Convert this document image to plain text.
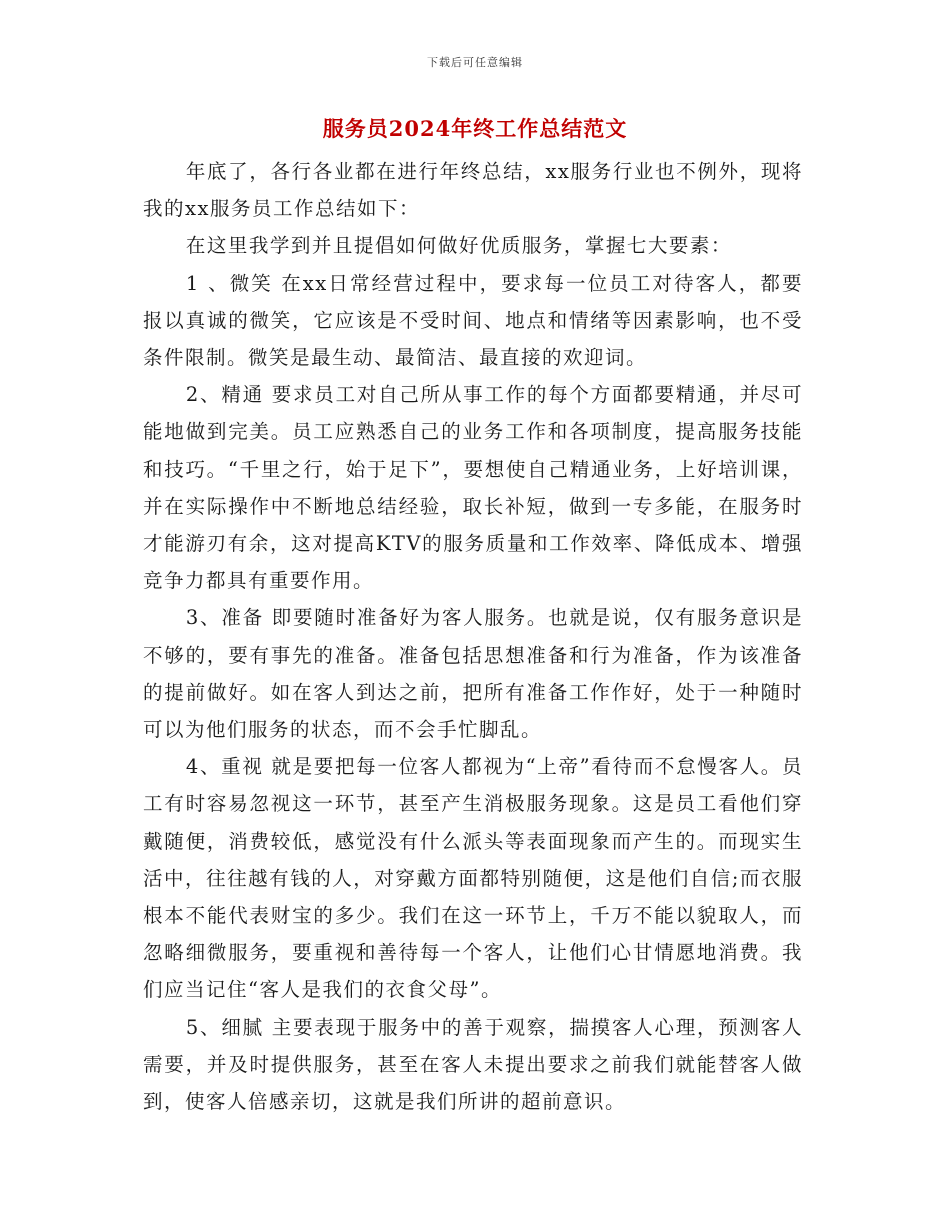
下载后可任意编辑
服务员2024年终工作总结范文

年底了，各行各业都在进行年终总结，xx服务行业也不例外，现将我的xx服务员工作总结如下：

在这里我学到并且提倡如何做好优质服务，掌握七大要素：

1 、微笑 在xx日常经营过程中，要求每一位员工对待客人，都要报以真诚的微笑，它应该是不受时间、地点和情绪等因素影响，也不受条件限制。微笑是最生动、最简洁、最直接的欢迎词。

2、精通 要求员工对自己所从事工作的每个方面都要精通，并尽可能地做到完美。员工应熟悉自己的业务工作和各项制度，提高服务技能和技巧。“千里之行，始于足下”，要想使自己精通业务，上好培训课，并在实际操作中不断地总结经验，取长补短，做到一专多能，在服务时才能游刃有余，这对提高KTV的服务质量和工作效率、降低成本、增强竞争力都具有重要作用。

3、准备 即要随时准备好为客人服务。也就是说，仅有服务意识是不够的，要有事先的准备。准备包括思想准备和行为准备，作为该准备的提前做好。如在客人到达之前，把所有准备工作作好，处于一种随时可以为他们服务的状态，而不会手忙脚乱。

4、重视 就是要把每一位客人都视为“上帝”看待而不怠慢客人。员工有时容易忽视这一环节，甚至产生消极服务现象。这是员工看他们穿戴随便，消费较低，感觉没有什么派头等表面现象而产生的。而现实生活中，往往越有钱的人，对穿戴方面都特别随便，这是他们自信;而衣服根本不能代表财宝的多少。我们在这一环节上，千万不能以貌取人，而忽略细微服务，要重视和善待每一个客人，让他们心甘情愿地消费。我们应当记住“客人是我们的衣食父母”。

5、细腻 主要表现于服务中的善于观察，揣摸客人心理，预测客人需要，并及时提供服务，甚至在客人未提出要求之前我们就能替客人做到，使客人倍感亲切，这就是我们所讲的超前意识。
